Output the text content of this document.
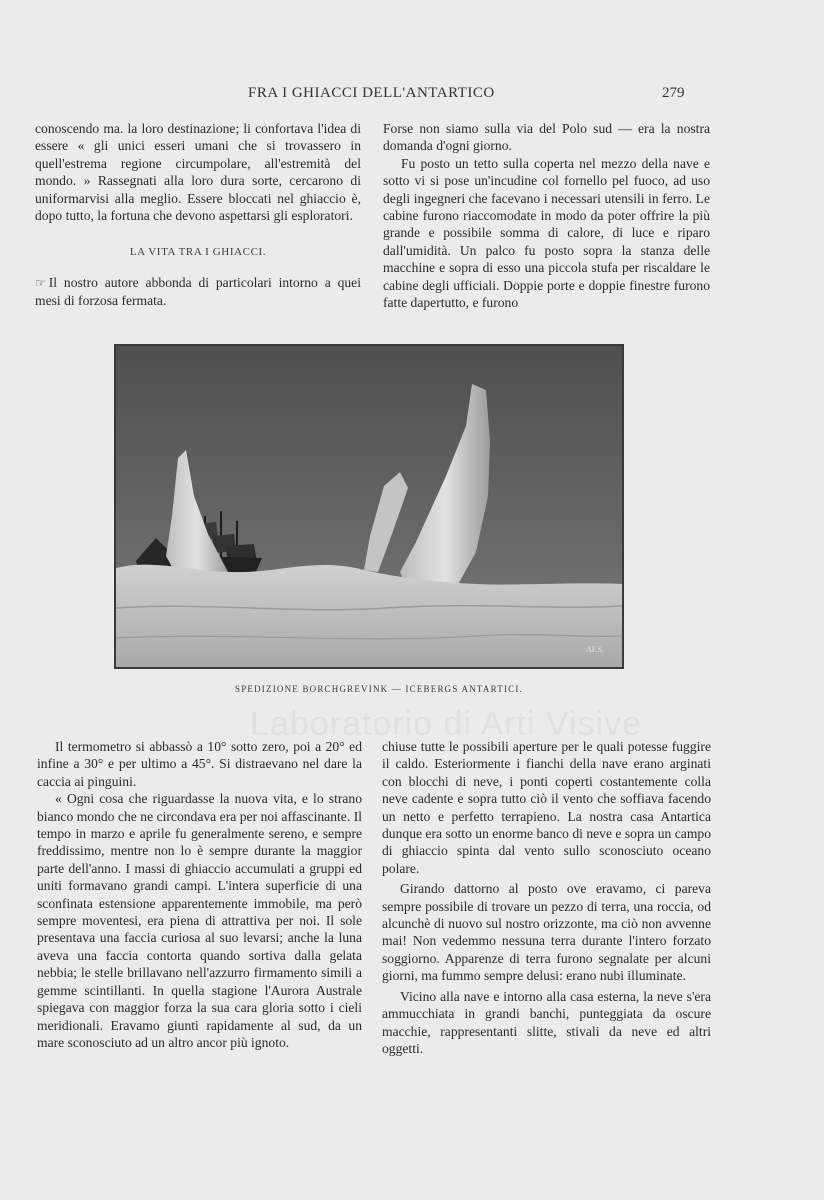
FRA I GHIACCI DELL'ANTARTICO	279

conoscendo ma. la loro destinazione; li confortava l'idea di essere « gli unici esseri umani che si trovassero in quell'estrema regione circumpolare, all'estremità del mondo. » Rassegnati alla loro dura sorte, cercarono di uniformarvisi alla meglio. Essere bloccati nel ghiaccio è, dopo tutto, la fortuna che devono aspettarsi gli esploratori.

LA VITA TRA I GHIACCI.

☞ Il nostro autore abbonda di particolari intorno a quei mesi di forzosa fermata.

Forse non siamo sulla via del Polo sud — era la nostra domanda d'ogni giorno.

Fu posto un tetto sulla coperta nel mezzo della nave e sotto vi si pose un'incudine col fornello pel fuoco, ad uso degli ingegneri che facevano i necessari utensili in ferro. Le cabine furono riaccomodate in modo da poter offrire la più grande e possibile somma di calore, di luce e riparo dall'umidità. Un palco fu posto sopra la stanza delle macchine e sopra di esso una piccola stufa per riscaldare le cabine degli ufficiali. Doppie porte e doppie finestre furono fatte dapertutto, e furono

AF.S.
SPEDIZIONE BORCHGREVINK — ICEBERGS ANTARTICI.
Laboratorio di Arti Visive

Il termometro si abbassò a 10° sotto zero, poi a 20° ed infine a 30° e per ultimo a 45°. Si distraevano nel dare la caccia ai pinguini.

« Ogni cosa che riguardasse la nuova vita, e lo strano bianco mondo che ne circondava era per noi affascinante. Il tempo in marzo e aprile fu generalmente sereno, e sempre freddissimo, mentre non lo è sempre durante la maggior parte dell'anno. I massi di ghiaccio accumulati a gruppi ed uniti formavano grandi campi. L'intera superficie di una sconfinata estensione apparentemente immobile, ma però sempre moventesi, era piena di attrattiva per noi. Il sole presentava una faccia curiosa al suo levarsi; anche la luna aveva una faccia contorta quando sortiva dalla gelata nebbia; le stelle brillavano nell'azzurro firmamento simili a gemme scintillanti. In quella stagione l'Aurora Australe spiegava con maggior forza la sua cara gloria sotto i cieli meridionali. Eravamo giunti rapidamente al sud, da un mare sconosciuto ad un altro ancor più ignoto.

chiuse tutte le possibili aperture per le quali potesse fuggire il caldo. Esteriormente i fianchi della nave erano arginati con blocchi di neve, i ponti coperti costantemente colla neve cadente e sopra tutto ciò il vento che soffiava facendo un netto e perfetto terrapieno. La nostra casa Antartica dunque era sotto un enorme banco di neve e sopra un campo di ghiaccio spinta dal vento sullo sconosciuto oceano polare.

Girando dattorno al posto ove eravamo, ci pareva sempre possibile di trovare un pezzo di terra, una roccia, od alcunchè di nuovo sul nostro orizzonte, ma ciò non avvenne mai! Non vedemmo nessuna terra durante l'intero forzato soggiorno. Apparenze di terra furono segnalate per alcuni giorni, ma fummo sempre delusi: erano nubi illuminate.

Vicino alla nave e intorno alla casa esterna, la neve s'era ammucchiata in grandi banchi, punteggiata da oscure macchie, rappresentanti slitte, stivali da neve ed altri oggetti.
